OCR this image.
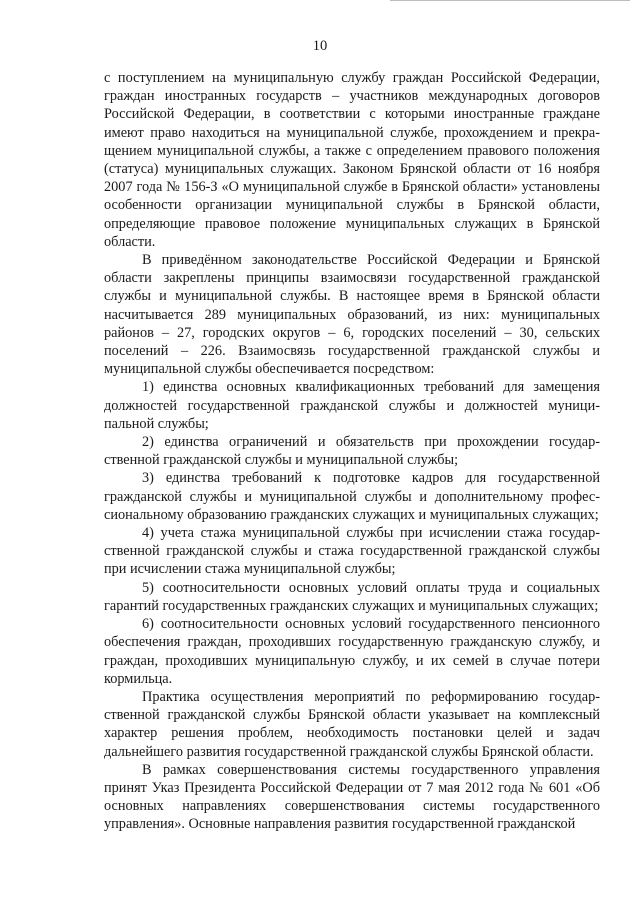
10

с поступлением на муниципальную службу граждан Российской Федерации, граждан иностранных государств – участников международных договоров Российской Федерации, в соответствии с которыми иностранные граждане имеют право находиться на муниципальной службе, прохождением и прекращением муниципальной службы, а также с определением правового положения (статуса) муниципальных служащих. Законом Брянской области от 16 ноября 2007 года № 156-З «О муниципальной службе в Брянской области» установлены особенности организации муниципальной службы в Брянской области, определяющие правовое положение муниципальных служащих в Брянской области.

В приведённом законодательстве Российской Федерации и Брянской области закреплены принципы взаимосвязи государственной гражданской службы и муниципальной службы. В настоящее время в Брянской области насчитывается 289 муниципальных образований, из них: муниципальных районов – 27, городских округов – 6, городских поселений – 30, сельских поселений – 226. Взаимосвязь государственной гражданской службы и муниципальной службы обеспечивается посредством:

1) единства основных квалификационных требований для замещения должностей государственной гражданской службы и должностей муниципальной службы;

2) единства ограничений и обязательств при прохождении государственной гражданской службы и муниципальной службы;

3) единства требований к подготовке кадров для государственной гражданской службы и муниципальной службы и дополнительному профессиональному образованию гражданских служащих и муниципальных служащих;

4) учета стажа муниципальной службы при исчислении стажа государственной гражданской службы и стажа государственной гражданской службы при исчислении стажа муниципальной службы;

5) соотносительности основных условий оплаты труда и социальных гарантий государственных гражданских служащих и муниципальных служащих;

6) соотносительности основных условий государственного пенсионного обеспечения граждан, проходивших государственную гражданскую службу, и граждан, проходивших муниципальную службу, и их семей в случае потери кормильца.

Практика осуществления мероприятий по реформированию государственной гражданской службы Брянской области указывает на комплексный характер решения проблем, необходимость постановки целей и задач дальнейшего развития государственной гражданской службы Брянской области.

В рамках совершенствования системы государственного управления принят Указ Президента Российской Федерации от 7 мая 2012 года № 601 «Об основных направлениях совершенствования системы государственного управления». Основные направления развития государственной гражданской
